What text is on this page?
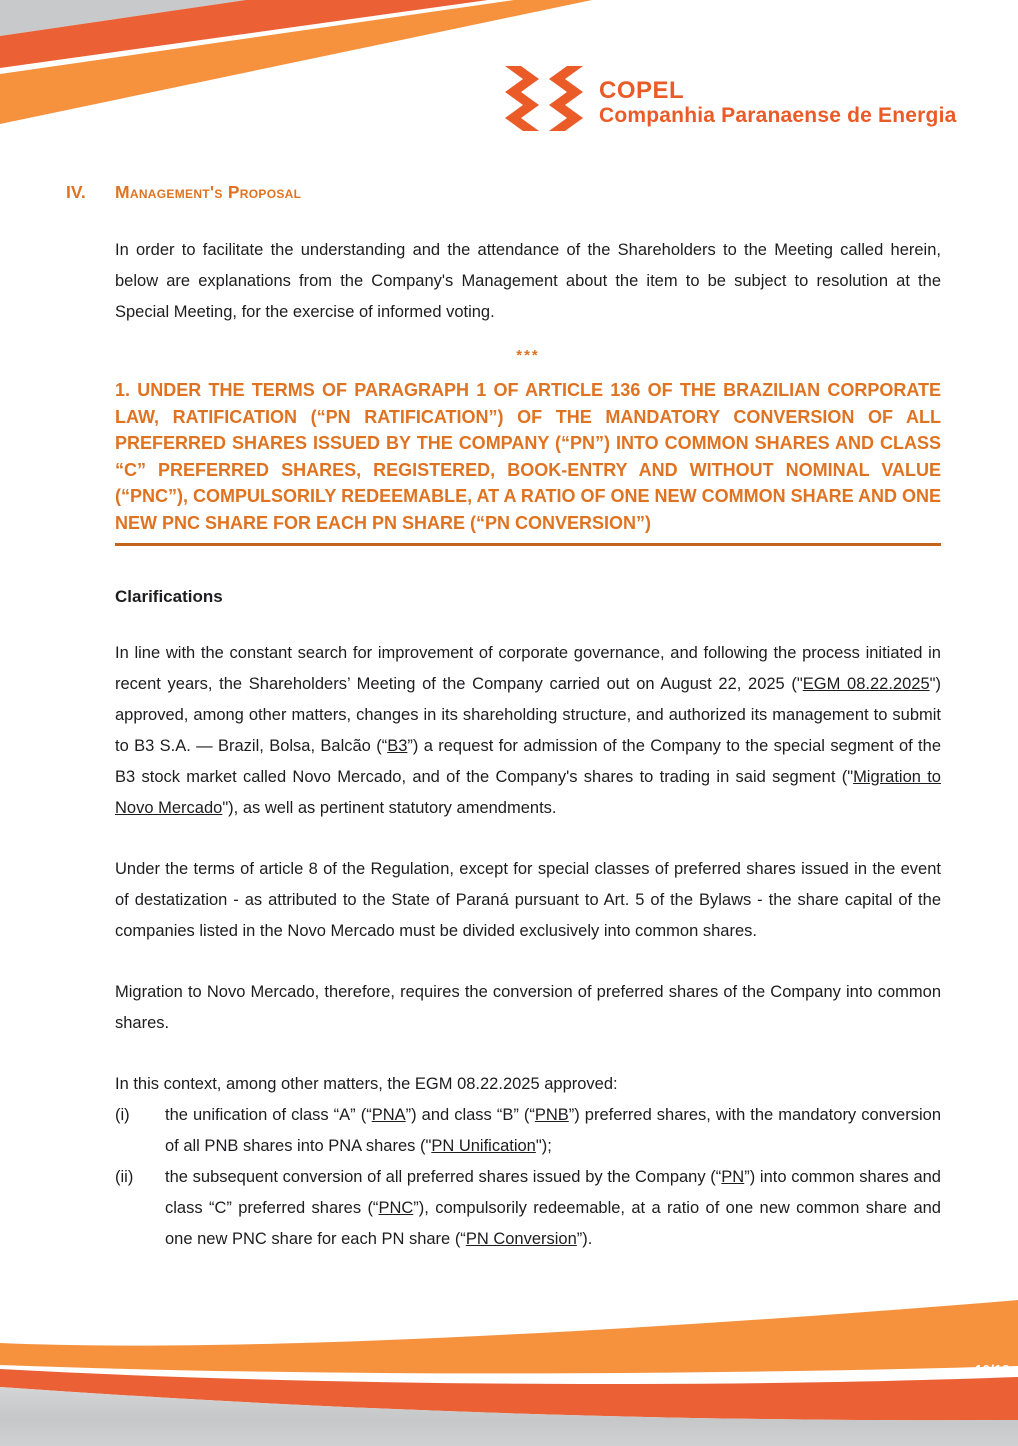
COPEL
Companhia Paranaense de Energia
IV.	Management's Proposal

In order to facilitate the understanding and the attendance of the Shareholders to the Meeting called herein, below are explanations from the Company's Management about the item to be subject to resolution at the Special Meeting, for the exercise of informed voting.

***
1. UNDER THE TERMS OF PARAGRAPH 1 OF ARTICLE 136 OF THE BRAZILIAN CORPORATE LAW, RATIFICATION (“PN RATIFICATION”) OF THE MANDATORY CONVERSION OF ALL PREFERRED SHARES ISSUED BY THE COMPANY (“PN”) INTO COMMON SHARES AND CLASS “C” PREFERRED SHARES, REGISTERED, BOOK-ENTRY AND WITHOUT NOMINAL VALUE (“PNC”), COMPULSORILY REDEEMABLE, AT A RATIO OF ONE NEW COMMON SHARE AND ONE NEW PNC SHARE FOR EACH PN SHARE (“PN CONVERSION”)
Clarifications

In line with the constant search for improvement of corporate governance, and following the process initiated in recent years, the Shareholders’ Meeting of the Company carried out on August 22, 2025 ("EGM 08.22.2025") approved, among other matters, changes in its shareholding structure, and authorized its management to submit to B3 S.A. — Brazil, Bolsa, Balcão (“B3”) a request for admission of the Company to the special segment of the B3 stock market called Novo Mercado, and of the Company's shares to trading in said segment ("Migration to Novo Mercado"), as well as pertinent statutory amendments.

Under the terms of article 8 of the Regulation, except for special classes of preferred shares issued in the event of destatization - as attributed to the State of Paraná pursuant to Art. 5 of the Bylaws - the share capital of the companies listed in the Novo Mercado must be divided exclusively into common shares.

Migration to Novo Mercado, therefore, requires the conversion of preferred shares of the Company into common shares.

In this context, among other matters, the EGM 08.22.2025 approved:

(i)	the unification of class “A” (“PNA”) and class “B” (“PNB”) preferred shares, with the mandatory conversion of all PNB shares into PNA shares ("PN Unification");
(ii)	the subsequent conversion of all preferred shares issued by the Company (“PN”) into common shares and class “C” preferred shares (“PNC”), compulsorily redeemable, at a ratio of one new common share and one new PNC share for each PN share (“PN Conversion”).
10/18
